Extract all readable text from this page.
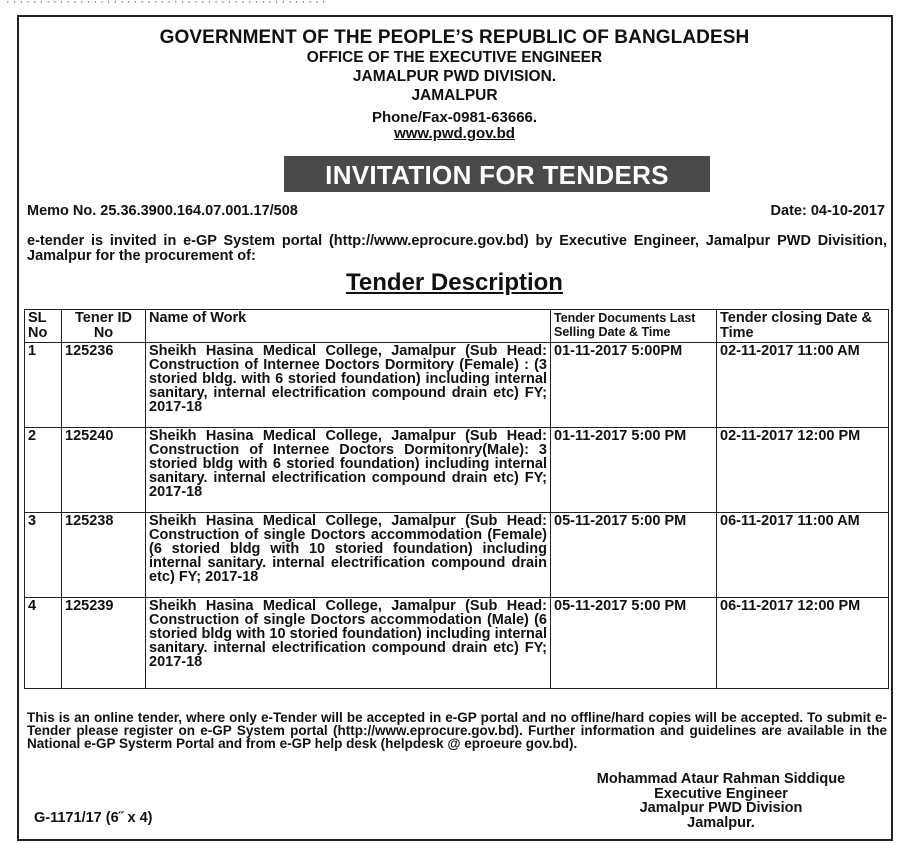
· · · · · · · · · · · · · · · · · · · · · · · · · · · · · · · · · · · · · · · · · · · · · · · ·
GOVERNMENT OF THE PEOPLE’S REPUBLIC OF BANGLADESH
OFFICE OF THE EXECUTIVE ENGINEER
JAMALPUR PWD DIVISION.
JAMALPUR
Phone/Fax-0981-63666.
www.pwd.gov.bd
INVITATION FOR TENDERS
Memo No. 25.36.3900.164.07.001.17/508	Date: 04-10-2017
e-tender is invited in e-GP System portal (http://www.eprocure.gov.bd) by Executive Engineer, Jamalpur PWD Divisition, Jamalpur for the procurement of:
Tender Description
SL No	Tener ID No	Name of Work	Tender Documents Last Selling Date & Time	Tender closing Date & Time
1	125236	Sheikh Hasina Medical College, Jamalpur (Sub Head: Construction of Internee Doctors Dormitory (Female) : (3 storied bldg. with 6 storied foundation) including internal sanitary, internal electrification compound drain etc) FY; 2017-18	01-11-2017 5:00PM	02-11-2017 11:00 AM
2	125240	Sheikh Hasina Medical College, Jamalpur (Sub Head: Construction of Internee Doctors Dormitonry(Male): 3 storied bldg with 6 storied foundation) including internal sanitary. internal electrification compound drain etc) FY; 2017-18	01-11-2017 5:00 PM	02-11-2017 12:00 PM
3	125238	Sheikh Hasina Medical College, Jamalpur (Sub Head: Construction of single Doctors accommodation (Female) (6 storied bldg with 10 storied foundation) including internal sanitary. internal electrification compound drain etc) FY; 2017-18	05-11-2017 5:00 PM	06-11-2017 11:00 AM
4	125239	Sheikh Hasina Medical College, Jamalpur (Sub Head: Construction of single Doctors accommodation (Male) (6 storied bldg with 10 storied foundation) including internal sanitary. internal electrification compound drain etc) FY; 2017-18	05-11-2017 5:00 PM	06-11-2017 12:00 PM
This is an online tender, where only e-Tender will be accepted in e-GP portal and no offline/hard copies will be accepted. To submit e-Tender please register on e-GP System portal (http://www.eprocure.gov.bd). Further information and guidelines are available in the National e-GP Systerm Portal and from e-GP help desk (helpdesk @ eproeure gov.bd).
Mohammad Ataur Rahman Siddique
Executive Engineer
Jamalpur PWD Division
Jamalpur.
G-1171/17 (6˝ x 4)
